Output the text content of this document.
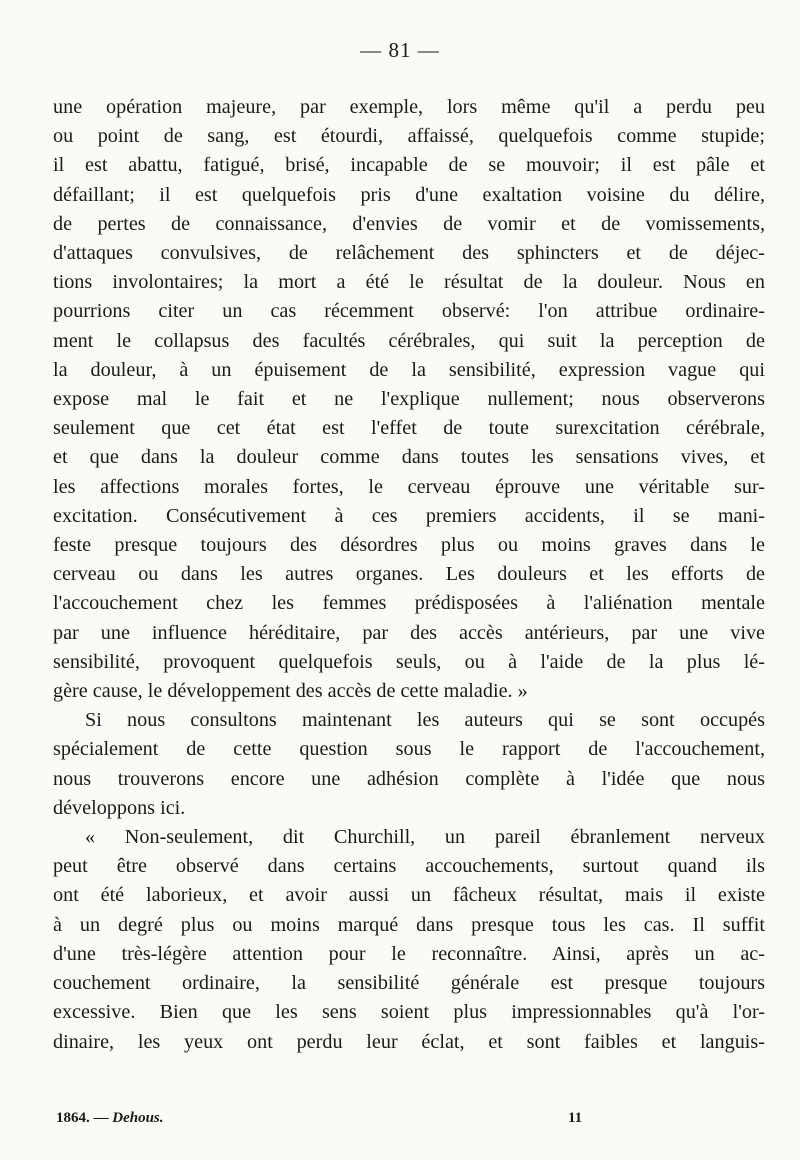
— 81 —
une opération majeure, par exemple, lors même qu'il a perdu peu
ou point de sang, est étourdi, affaissé, quelquefois comme stupide;
il est abattu, fatigué, brisé, incapable de se mouvoir; il est pâle et
défaillant; il est quelquefois pris d'une exaltation voisine du délire,
de pertes de connaissance, d'envies de vomir et de vomissements,
d'attaques convulsives, de relâchement des sphincters et de déjec-
tions involontaires; la mort a été le résultat de la douleur. Nous en
pourrions citer un cas récemment observé: l'on attribue ordinaire-
ment le collapsus des facultés cérébrales, qui suit la perception de
la douleur, à un épuisement de la sensibilité, expression vague qui
expose mal le fait et ne l'explique nullement; nous observerons
seulement que cet état est l'effet de toute surexcitation cérébrale,
et que dans la douleur comme dans toutes les sensations vives, et
les affections morales fortes, le cerveau éprouve une véritable sur-
excitation. Consécutivement à ces premiers accidents, il se mani-
feste presque toujours des désordres plus ou moins graves dans le
cerveau ou dans les autres organes. Les douleurs et les efforts de
l'accouchement chez les femmes prédisposées à l'aliénation mentale
par une influence héréditaire, par des accès antérieurs, par une vive
sensibilité, provoquent quelquefois seuls, ou à l'aide de la plus lé-
gère cause, le développement des accès de cette maladie. »
Si nous consultons maintenant les auteurs qui se sont occupés
spécialement de cette question sous le rapport de l'accouchement,
nous trouverons encore une adhésion complète à l'idée que nous
développons ici.
« Non-seulement, dit Churchill, un pareil ébranlement nerveux
peut être observé dans certains accouchements, surtout quand ils
ont été laborieux, et avoir aussi un fâcheux résultat, mais il existe
à un degré plus ou moins marqué dans presque tous les cas. Il suffit
d'une très-légère attention pour le reconnaître. Ainsi, après un ac-
couchement ordinaire, la sensibilité générale est presque toujours
excessive. Bien que les sens soient plus impressionnables qu'à l'or-
dinaire, les yeux ont perdu leur éclat, et sont faibles et languis-
1864. — Dehous.	11
